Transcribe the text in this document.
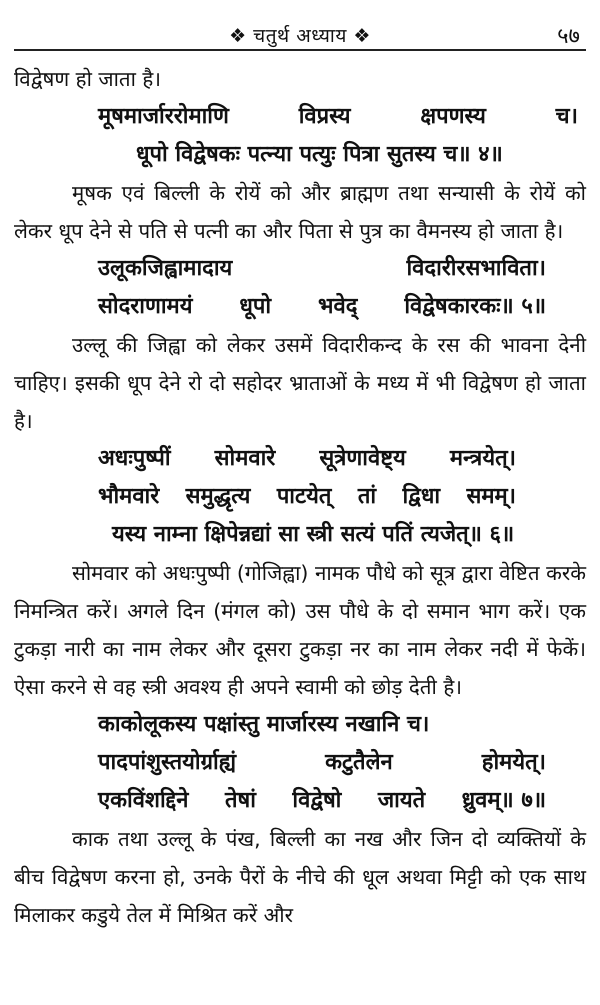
❖ चतुर्थ अध्याय ❖	५७

विद्वेषण हो जाता है।

मूषमार्जाररोमाणि	विप्रस्य	क्षपणस्य	च।
धूपो विद्वेषकः पत्न्या पत्युः पित्रा सुतस्य च॥ ४॥

मूषक एवं बिल्ली के रोयें को और ब्राह्मण तथा सन्यासी के रोयें को लेकर धूप देने से पति से पत्नी का और पिता से पुत्र का वैमनस्य हो जाता है।

उलूकजिह्वामादाय	विदारीरसभाविता।
सोदराणामयं धूपो भवेद् विद्वेषकारकः॥ ५॥

उल्लू की जिह्वा को लेकर उसमें विदारीकन्द के रस की भावना देनी चाहिए। इसकी धूप देने रो दो सहोदर भ्राताओं के मध्य में भी विद्वेषण हो जाता है।

अधःपुष्पीं सोमवारे सूत्रेणावेष्ट्य मन्त्रयेत्।
भौमवारे समुद्धृत्य पाटयेत् तां द्विधा समम्।
यस्य नाम्ना क्षिपेन्नद्यां सा स्त्री सत्यं पतिं त्यजेत्॥ ६॥

सोमवार को अधःपुष्पी (गोजिह्वा) नामक पौधे को सूत्र द्वारा वेष्टित करके निमन्त्रित करें। अगले दिन (मंगल को) उस पौधे के दो समान भाग करें। एक टुकड़ा नारी का नाम लेकर और दूसरा टुकड़ा नर का नाम लेकर नदी में फेकें। ऐसा करने से वह स्त्री अवश्य ही अपने स्वामी को छोड़ देती है।

काकोलूकस्य पक्षांस्तु मार्जारस्य नखानि च।
पादपांशुस्तयोर्ग्राह्यं	कटुतैलेन	होमयेत्।
एकविंशद्दिने तेषां विद्वेषो जायते ध्रुवम्॥ ७॥

काक तथा उल्लू के पंख, बिल्ली का नख और जिन दो व्यक्तियों के बीच विद्वेषण करना हो, उनके पैरों के नीचे की धूल अथवा मिट्टी को एक साथ मिलाकर कडुये तेल में मिश्रित करें और
